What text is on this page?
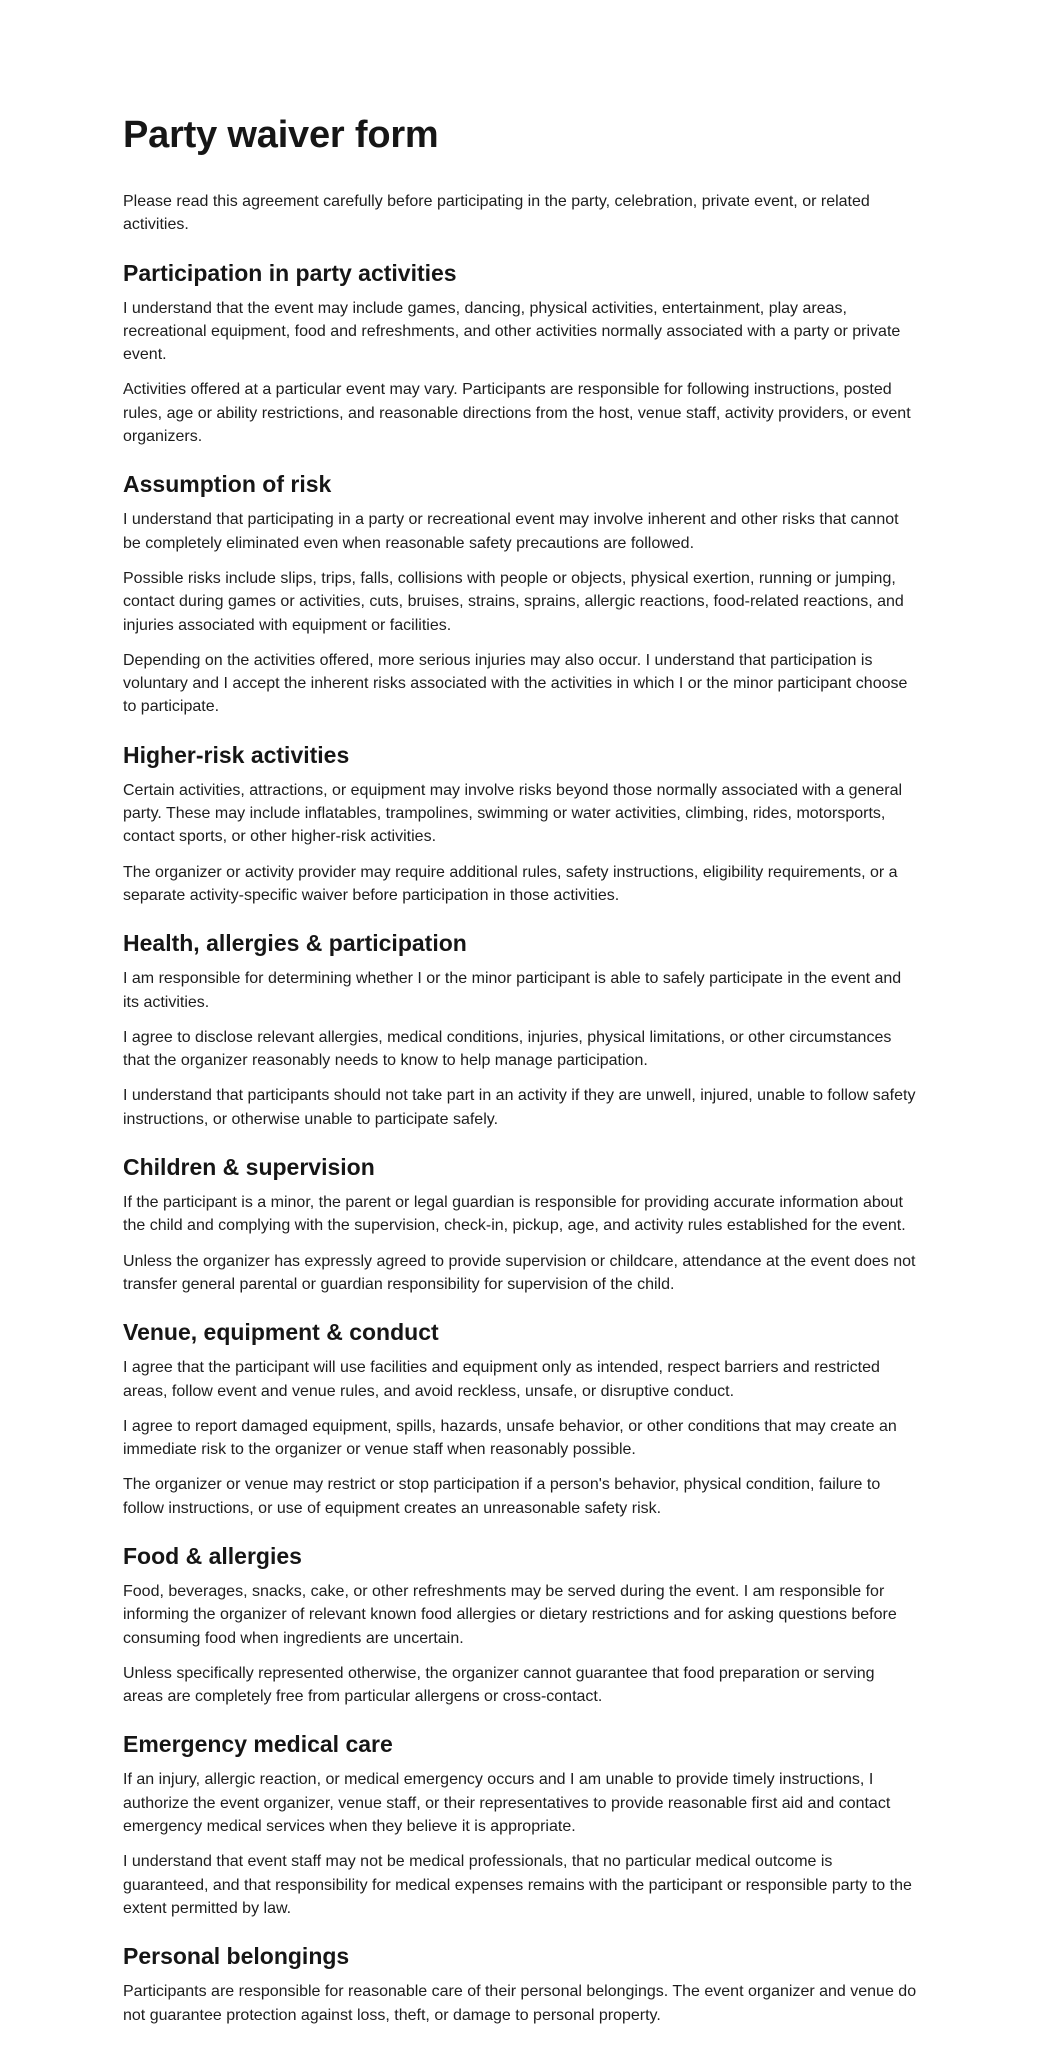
Party waiver form

Please read this agreement carefully before participating in the party, celebration, private event, or related activities.

Participation in party activities

I understand that the event may include games, dancing, physical activities, entertainment, play areas, recreational equipment, food and refreshments, and other activities normally associated with a party or private event.

Activities offered at a particular event may vary. Participants are responsible for following instructions, posted rules, age or ability restrictions, and reasonable directions from the host, venue staff, activity providers, or event organizers.

Assumption of risk

I understand that participating in a party or recreational event may involve inherent and other risks that cannot be completely eliminated even when reasonable safety precautions are followed.

Possible risks include slips, trips, falls, collisions with people or objects, physical exertion, running or jumping, contact during games or activities, cuts, bruises, strains, sprains, allergic reactions, food-related reactions, and injuries associated with equipment or facilities.

Depending on the activities offered, more serious injuries may also occur. I understand that participation is voluntary and I accept the inherent risks associated with the activities in which I or the minor participant choose to participate.

Higher-risk activities

Certain activities, attractions, or equipment may involve risks beyond those normally associated with a general party. These may include inflatables, trampolines, swimming or water activities, climbing, rides, motorsports, contact sports, or other higher-risk activities.

The organizer or activity provider may require additional rules, safety instructions, eligibility requirements, or a separate activity-specific waiver before participation in those activities.

Health, allergies & participation

I am responsible for determining whether I or the minor participant is able to safely participate in the event and its activities.

I agree to disclose relevant allergies, medical conditions, injuries, physical limitations, or other circumstances that the organizer reasonably needs to know to help manage participation.

I understand that participants should not take part in an activity if they are unwell, injured, unable to follow safety instructions, or otherwise unable to participate safely.

Children & supervision

If the participant is a minor, the parent or legal guardian is responsible for providing accurate information about the child and complying with the supervision, check-in, pickup, age, and activity rules established for the event.

Unless the organizer has expressly agreed to provide supervision or childcare, attendance at the event does not transfer general parental or guardian responsibility for supervision of the child.

Venue, equipment & conduct

I agree that the participant will use facilities and equipment only as intended, respect barriers and restricted areas, follow event and venue rules, and avoid reckless, unsafe, or disruptive conduct.

I agree to report damaged equipment, spills, hazards, unsafe behavior, or other conditions that may create an immediate risk to the organizer or venue staff when reasonably possible.

The organizer or venue may restrict or stop participation if a person's behavior, physical condition, failure to follow instructions, or use of equipment creates an unreasonable safety risk.

Food & allergies

Food, beverages, snacks, cake, or other refreshments may be served during the event. I am responsible for informing the organizer of relevant known food allergies or dietary restrictions and for asking questions before consuming food when ingredients are uncertain.

Unless specifically represented otherwise, the organizer cannot guarantee that food preparation or serving areas are completely free from particular allergens or cross-contact.

Emergency medical care

If an injury, allergic reaction, or medical emergency occurs and I am unable to provide timely instructions, I authorize the event organizer, venue staff, or their representatives to provide reasonable first aid and contact emergency medical services when they believe it is appropriate.

I understand that event staff may not be medical professionals, that no particular medical outcome is guaranteed, and that responsibility for medical expenses remains with the participant or responsible party to the extent permitted by law.

Personal belongings

Participants are responsible for reasonable care of their personal belongings. The event organizer and venue do not guarantee protection against loss, theft, or damage to personal property.
